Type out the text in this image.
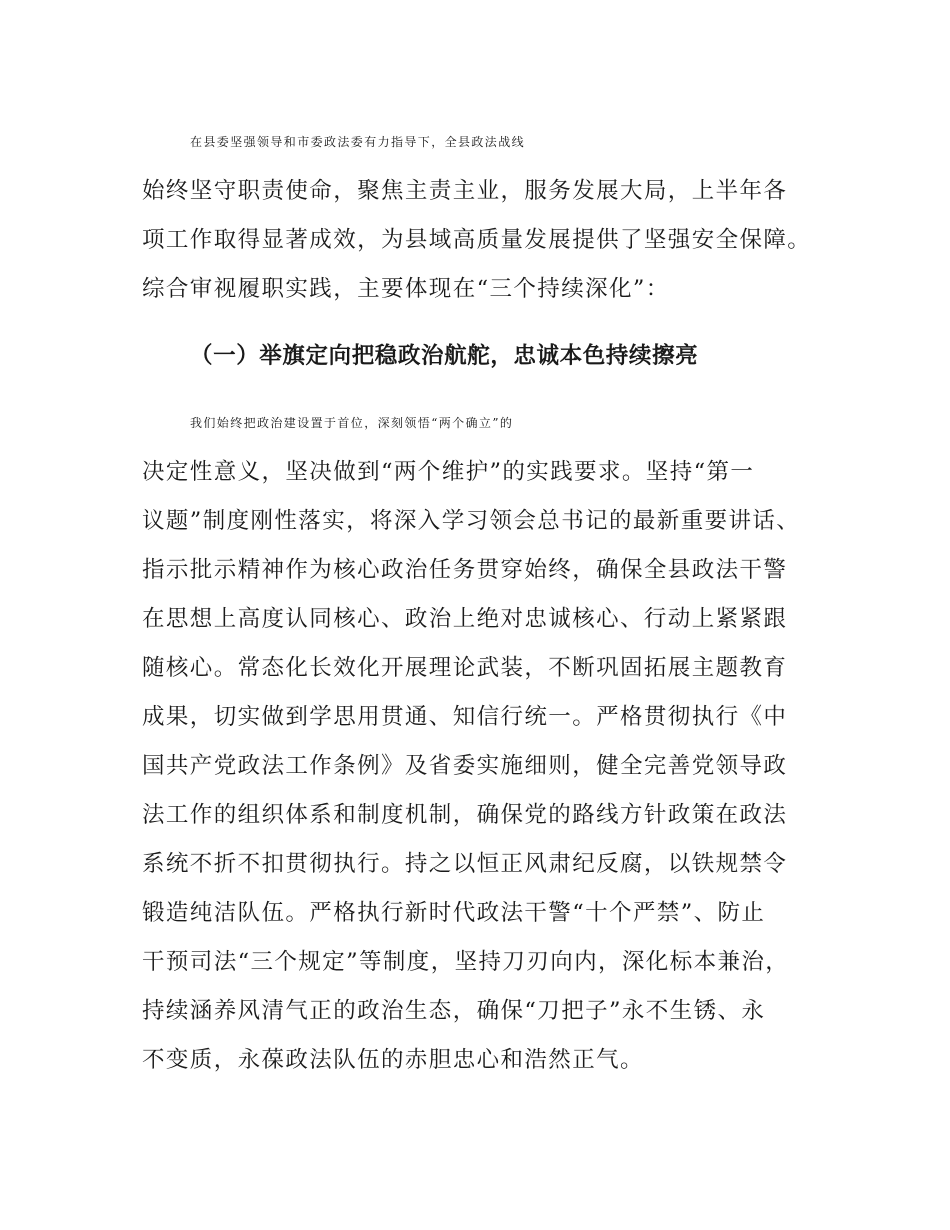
在县委坚强领导和市委政法委有力指导下，全县政法战线
始终坚守职责使命，聚焦主责主业，服务发展大局，上半年各
项工作取得显著成效，为县域高质量发展提供了坚强安全保障。
综合审视履职实践，主要体现在“三个持续深化”：
（一）举旗定向把稳政治航舵，忠诚本色持续擦亮
我们始终把政治建设置于首位，深刻领悟“两个确立”的
决定性意义，坚决做到“两个维护”的实践要求。坚持“第一
议题”制度刚性落实，将深入学习领会总书记的最新重要讲话、
指示批示精神作为核心政治任务贯穿始终，确保全县政法干警
在思想上高度认同核心、政治上绝对忠诚核心、行动上紧紧跟
随核心。常态化长效化开展理论武装，不断巩固拓展主题教育
成果，切实做到学思用贯通、知信行统一。严格贯彻执行《中
国共产党政法工作条例》及省委实施细则，健全完善党领导政
法工作的组织体系和制度机制，确保党的路线方针政策在政法
系统不折不扣贯彻执行。持之以恒正风肃纪反腐，以铁规禁令
锻造纯洁队伍。严格执行新时代政法干警“十个严禁”、防止
干预司法“三个规定”等制度，坚持刀刃向内，深化标本兼治，
持续涵养风清气正的政治生态，确保“刀把子”永不生锈、永
不变质，永葆政法队伍的赤胆忠心和浩然正气。
